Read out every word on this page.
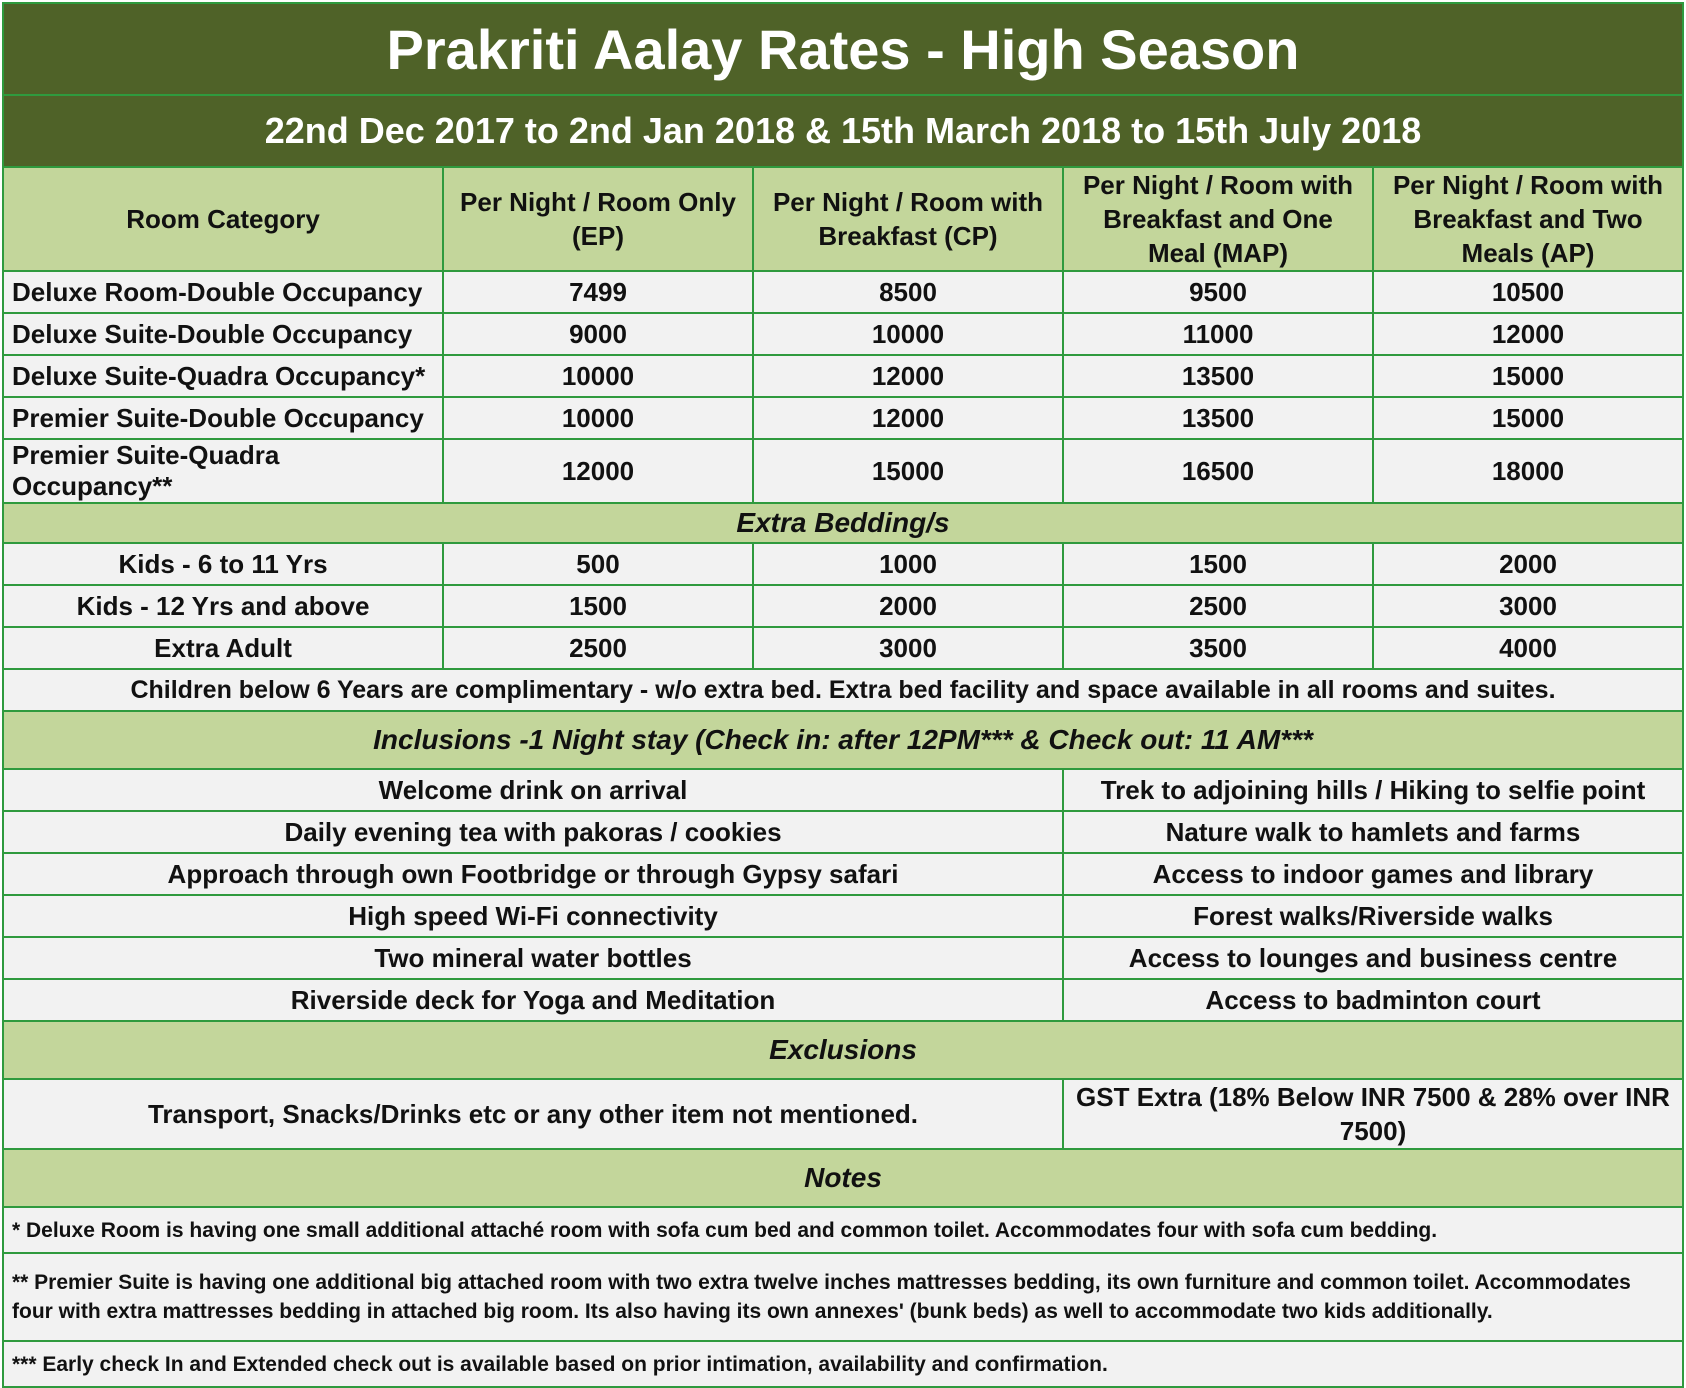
Prakriti Aalay Rates - High Season				
22nd Dec 2017 to 2nd Jan 2018 & 15th March 2018 to 15th July 2018				
Room Category	Per Night / Room Only (EP)	Per Night / Room with Breakfast (CP)	Per Night / Room with Breakfast and One Meal (MAP)	Per Night / Room with Breakfast and Two Meals (AP)
Deluxe Room-Double Occupancy	7499	8500	9500	10500
Deluxe Suite-Double Occupancy	9000	10000	11000	12000
Deluxe Suite-Quadra Occupancy*	10000	12000	13500	15000
Premier Suite-Double Occupancy	10000	12000	13500	15000
Premier Suite-Quadra Occupancy**	12000	15000	16500	18000
Extra Bedding/s				
Kids - 6 to 11 Yrs	500	1000	1500	2000
Kids - 12 Yrs and above	1500	2000	2500	3000
Extra Adult	2500	3000	3500	4000
Children below 6 Years are complimentary - w/o extra bed. Extra bed facility and space available in all rooms and suites.				
Inclusions -1 Night stay (Check in: after 12PM*** & Check out: 11 AM***				
Welcome drink on arrival			Trek to adjoining hills / Hiking to selfie point	
Daily evening tea with pakoras / cookies			Nature walk to hamlets and farms	
Approach through own Footbridge or through Gypsy safari			Access to indoor games and library	
High speed Wi-Fi connectivity			Forest walks/Riverside walks	
Two mineral water bottles			Access to lounges and business centre	
Riverside deck for Yoga and Meditation			Access to badminton court	
Exclusions				
Transport, Snacks/Drinks etc or any other item not mentioned.			GST Extra (18% Below INR 7500 & 28% over INR 7500)	
Notes				
* Deluxe Room is having one small additional attaché room with sofa cum bed and common toilet. Accommodates four with sofa cum bedding.				
** Premier Suite is having one additional big attached room with two extra twelve inches mattresses bedding, its own furniture and common toilet. Accommodates four with extra mattresses bedding in attached big room. Its also having its own annexes' (bunk beds) as well to accommodate two kids additionally.				
*** Early check In and Extended check out is available based on prior intimation, availability and confirmation.				
